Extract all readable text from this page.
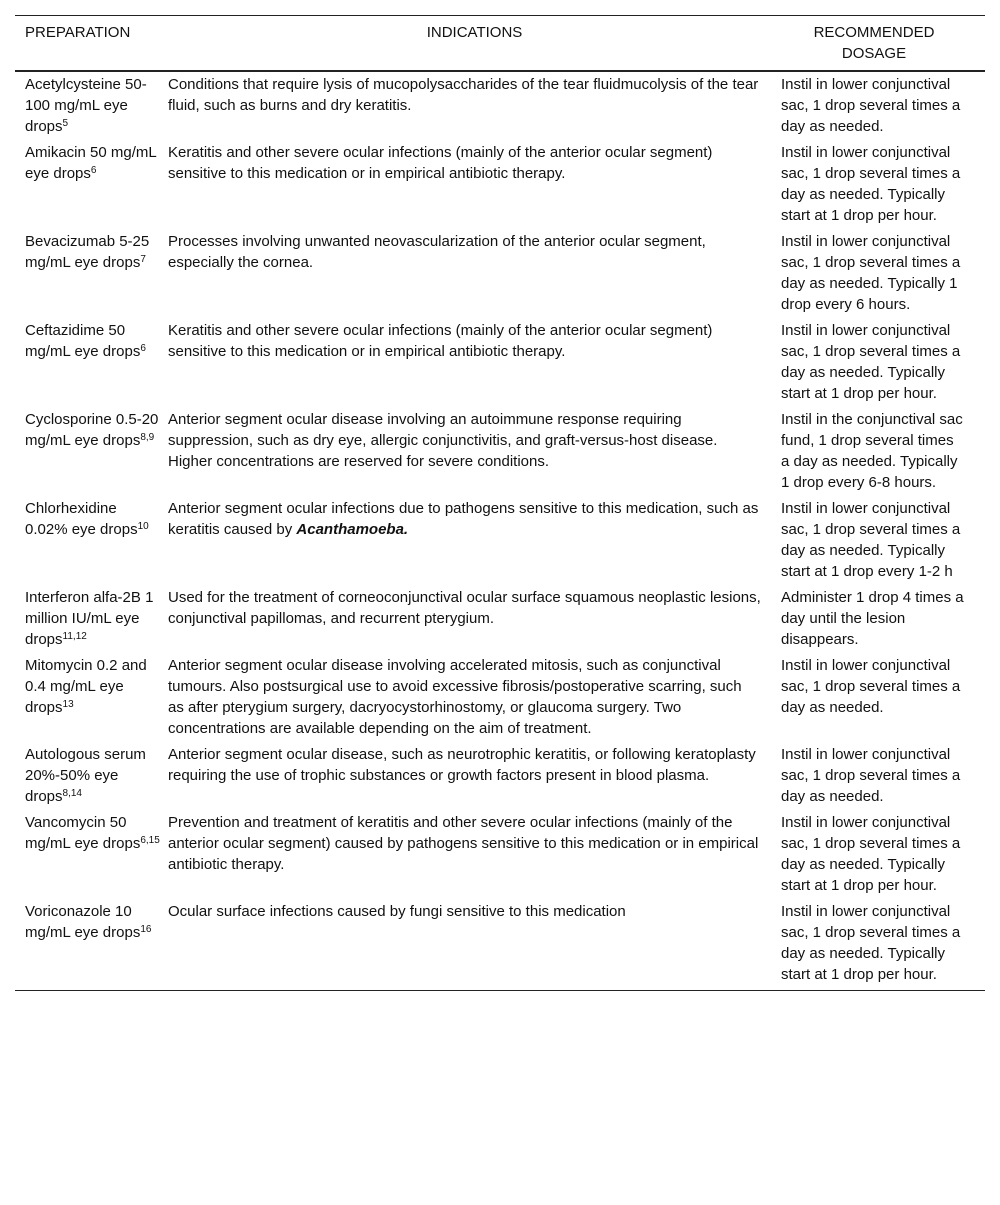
PREPARATION	INDICATIONS	RECOMMENDED DOSAGE
Acetylcysteine 50-100 mg/mL eye drops$^5$	Conditions that require lysis of mucopolysaccharides of the tear fluidmucolysis of the tear fluid, such as burns and dry keratitis.	Instil in lower conjunctival sac, 1 drop several times a day as needed.
Amikacin 50 mg/mL eye drops$^6$	Keratitis and other severe ocular infections (mainly of the anterior ocular segment) sensitive to this medication or in empirical antibiotic therapy.	Instil in lower conjunctival sac, 1 drop several times a day as needed. Typically start at 1 drop per hour.
Bevacizumab 5-25 mg/mL eye drops$^7$	Processes involving unwanted neovascularization of the anterior ocular segment, especially the cornea.	Instil in lower conjunctival sac, 1 drop several times a day as needed. Typically 1 drop every 6 hours.
Ceftazidime 50 mg/mL eye drops$^6$	Keratitis and other severe ocular infections (mainly of the anterior ocular segment) sensitive to this medication or in empirical antibiotic therapy.	Instil in lower conjunctival sac, 1 drop several times a day as needed. Typically start at 1 drop per hour.
Cyclosporine 0.5-20 mg/mL eye drops$^{8,9}$	Anterior segment ocular disease involving an autoimmune response requiring suppression, such as dry eye, allergic conjunctivitis, and graft-versus-host disease. Higher concentrations are reserved for severe conditions.	Instil in the conjunctival sac fund, 1 drop several times a day as needed. Typically 1 drop every 6-8 hours.
Chlorhexidine 0.02% eye drops$^{10}$	Anterior segment ocular infections due to pathogens sensitive to this medication, such as keratitis caused by Acanthamoeba.	Instil in lower conjunctival sac, 1 drop several times a day as needed. Typically start at 1 drop every 1-2 h
Interferon alfa-2B 1 million IU/mL eye drops$^{11,12}$	Used for the treatment of corneoconjunctival ocular surface squamous neoplastic lesions, conjunctival papillomas, and recurrent pterygium.	Administer 1 drop 4 times a day until the lesion disappears.
Mitomycin 0.2 and 0.4 mg/mL eye drops$^{13}$	Anterior segment ocular disease involving accelerated mitosis, such as conjunctival tumours. Also postsurgical use to avoid excessive fibrosis/postoperative scarring, such as after pterygium surgery, dacryocystorhinostomy, or glaucoma surgery. Two concentrations are available depending on the aim of treatment.	Instil in lower conjunctival sac, 1 drop several times a day as needed.
Autologous serum 20%-50% eye drops$^{8,14}$	Anterior segment ocular disease, such as neurotrophic keratitis, or following keratoplasty requiring the use of trophic substances or growth factors present in blood plasma.	Instil in lower conjunctival sac, 1 drop several times a day as needed.
Vancomycin 50 mg/mL eye drops$^{6,15}$	Prevention and treatment of keratitis and other severe ocular infections (mainly of the anterior ocular segment) caused by pathogens sensitive to this medication or in empirical antibiotic therapy.	Instil in lower conjunctival sac, 1 drop several times a day as needed. Typically start at 1 drop per hour.
Voriconazole 10 mg/mL eye drops$^{16}$	Ocular surface infections caused by fungi sensitive to this medication	Instil in lower conjunctival sac, 1 drop several times a day as needed. Typically start at 1 drop per hour.
